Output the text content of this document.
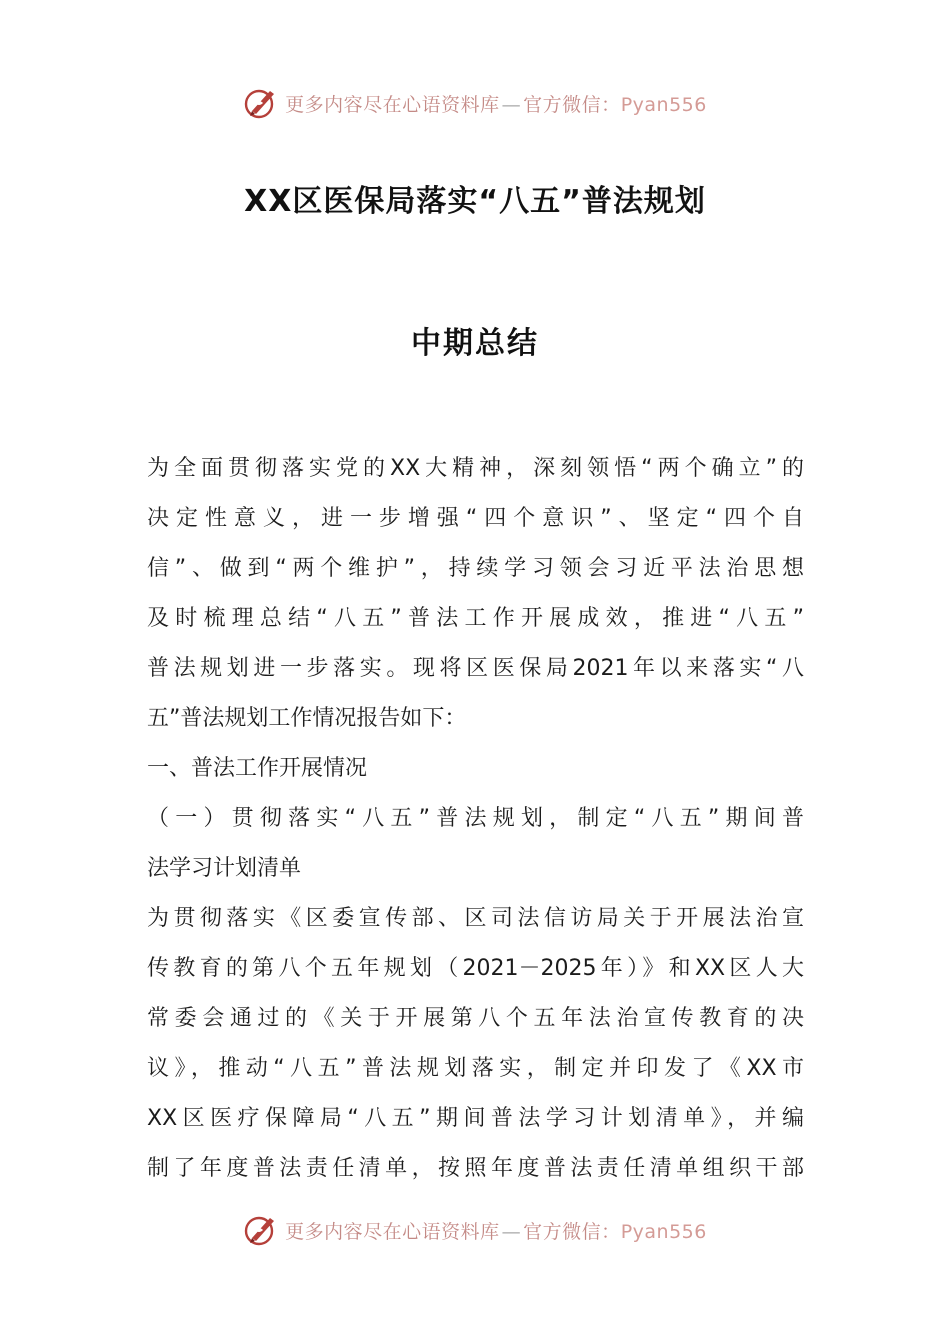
更多内容尽在心语资料库 — 官方微信：Pyan556
XX区医保局落实“八五”普法规划
中期总结
为全面贯彻落实党的XX大精神，深刻领悟“两个确立”的
决定性意义，进一步增强“四个意识”、坚定“四个自
信”、做到“两个维护”，持续学习领会习近平法治思想
及时梳理总结“八五”普法工作开展成效，推进“八五”
普法规划进一步落实。现将区医保局2021年以来落实“八
五”普法规划工作情况报告如下：
一、普法工作开展情况
（一）贯彻落实“八五”普法规划，制定“八五”期间普
法学习计划清单
为贯彻落实《区委宣传部、区司法信访局关于开展法治宣
传教育的第八个五年规划（2021－2025年）》和XX区人大
常委会通过的《关于开展第八个五年法治宣传教育的决
议》，推动“八五”普法规划落实，制定并印发了《XX市
XX区医疗保障局“八五”期间普法学习计划清单》，并编
制了年度普法责任清单，按照年度普法责任清单组织干部
更多内容尽在心语资料库 — 官方微信：Pyan556
